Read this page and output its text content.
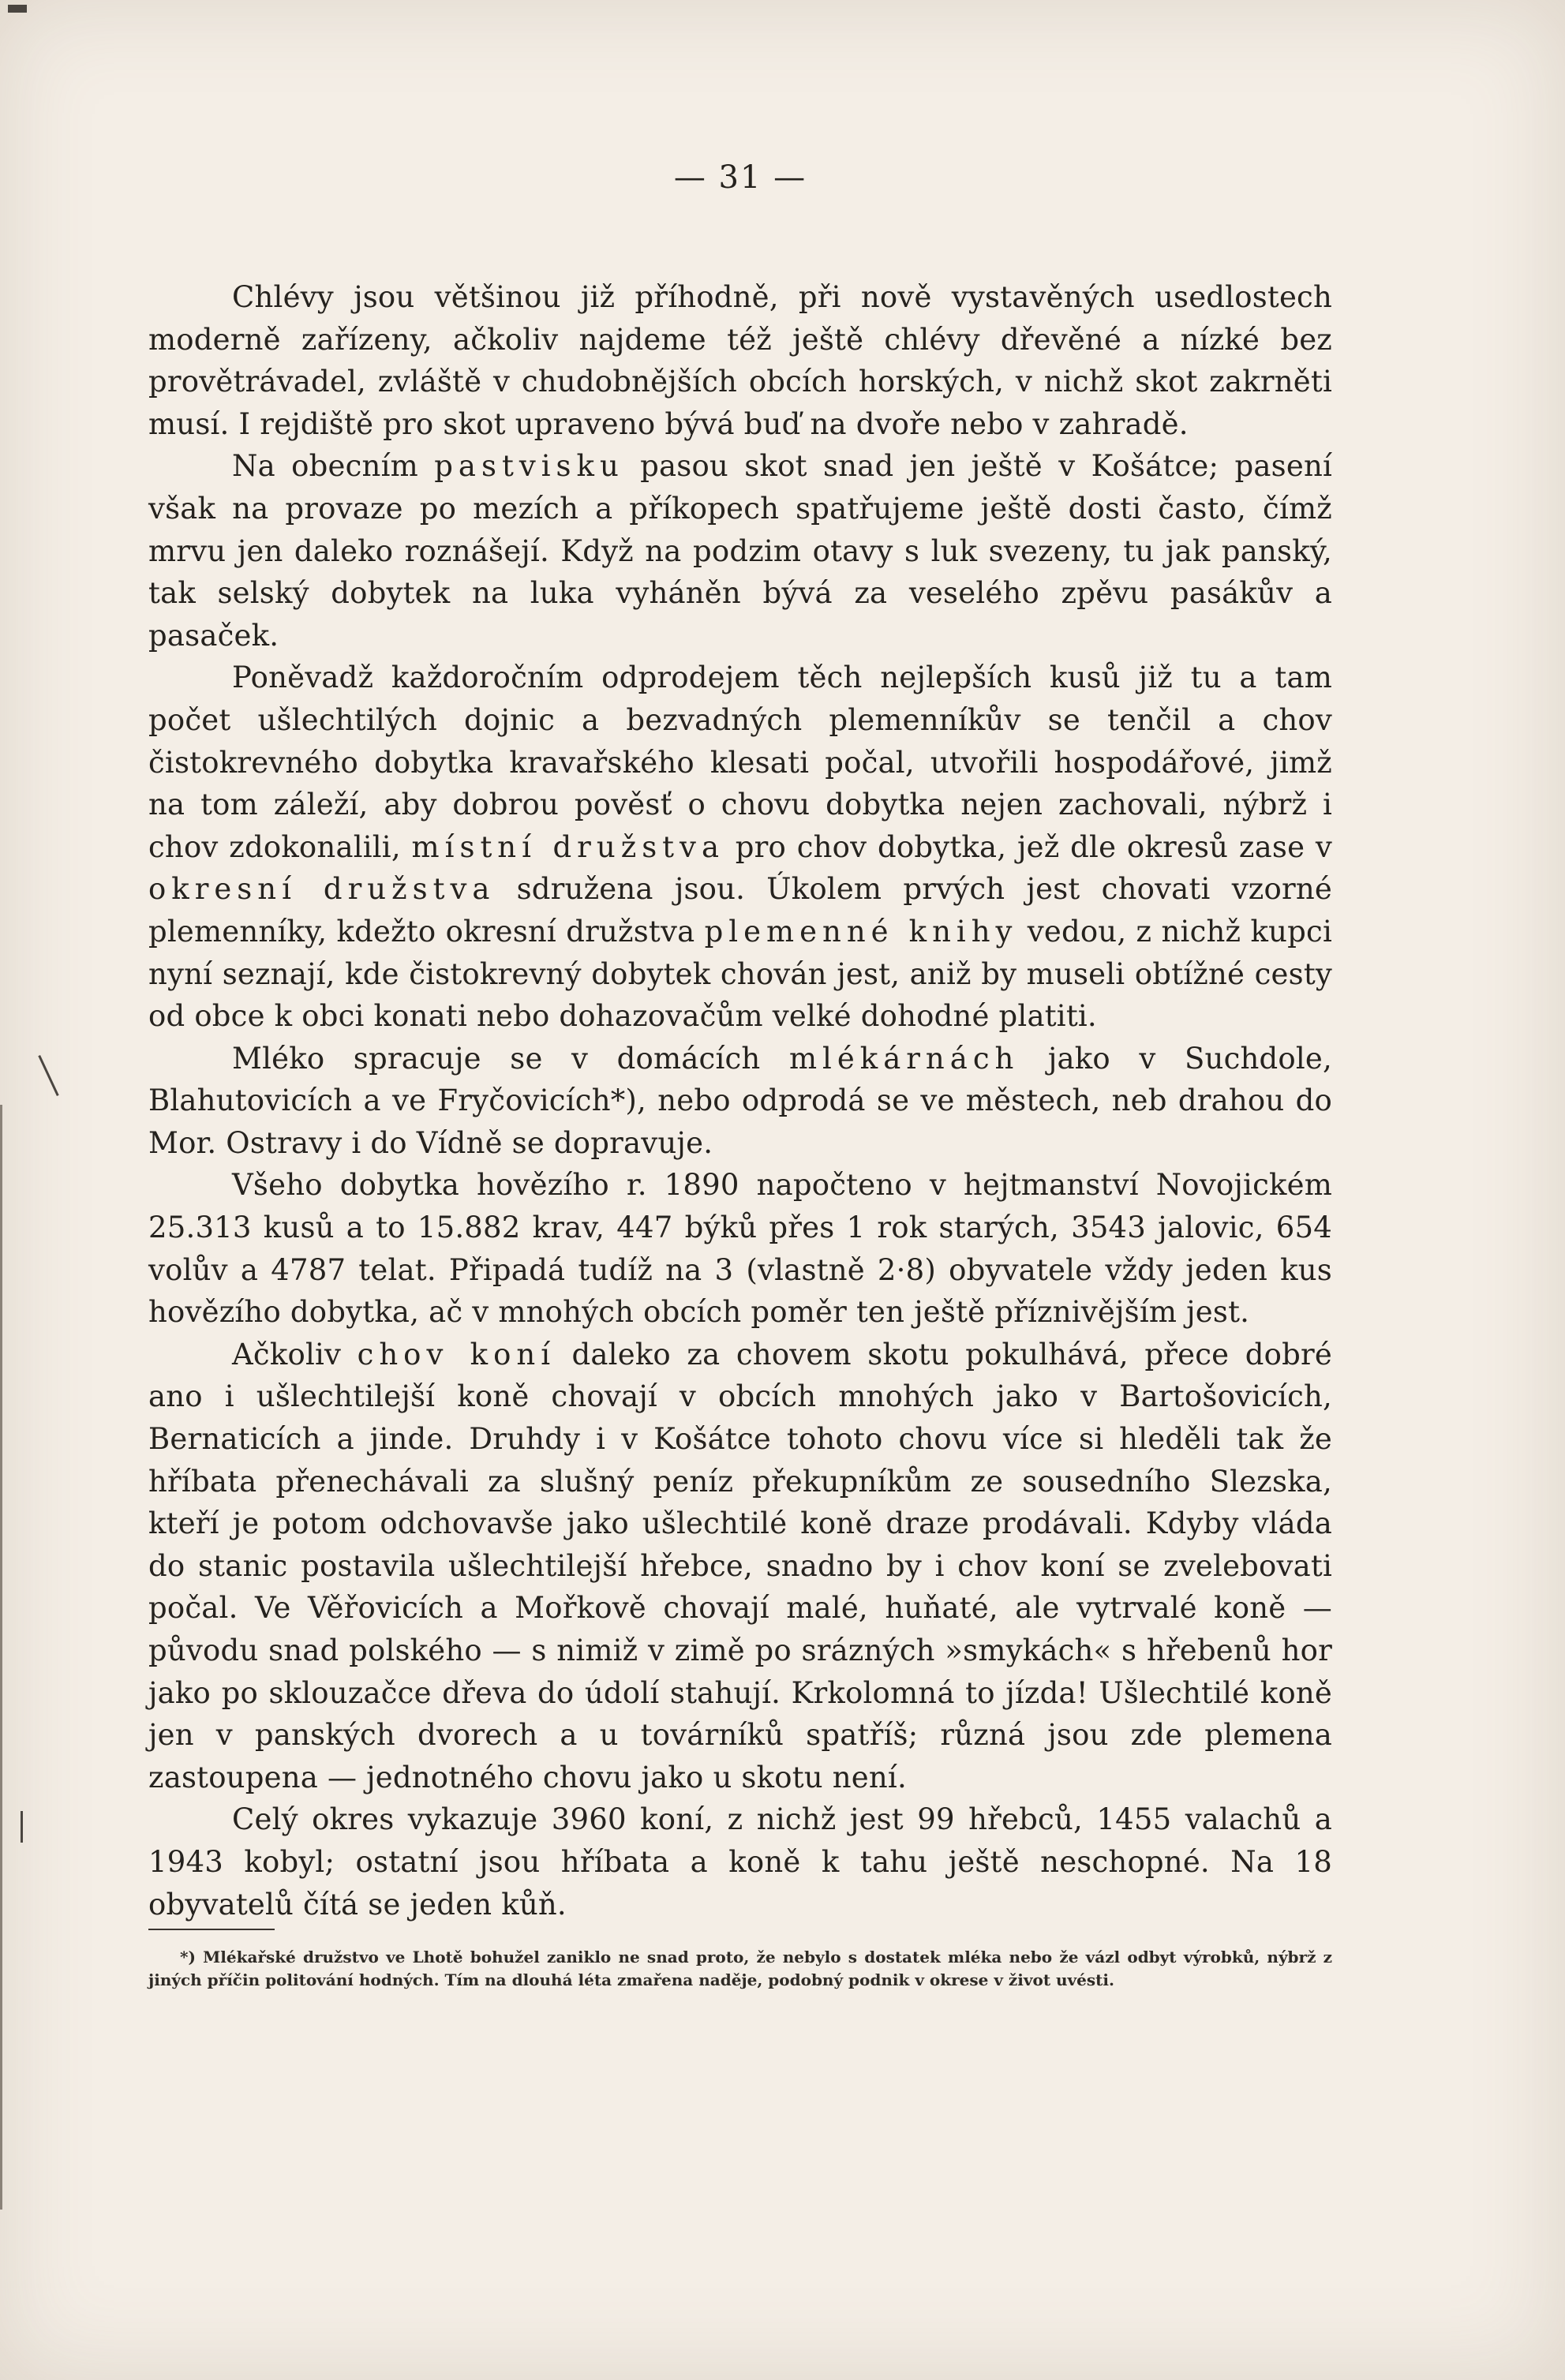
— 31 —

Chlévy jsou většinou již příhodně, při nově vystavěných usedlostech moderně zařízeny, ačkoliv najdeme též ještě chlévy dřevěné a nízké bez provětrávadel, zvláště v chudobnějších obcích horských, v nichž skot zakrněti musí. I rejdiště pro skot upraveno bývá buď na dvoře nebo v zahradě.

Na obecním pastvisku pasou skot snad jen ještě v Košátce; pasení však na provaze po mezích a příkopech spatřujeme ještě dosti často, čímž mrvu jen daleko roznášejí. Když na podzim otavy s luk svezeny, tu jak panský, tak selský dobytek na luka vyháněn bývá za veselého zpěvu pasákův a pasaček.

Poněvadž každoročním odprodejem těch nejlepších kusů již tu a tam počet ušlechtilých dojnic a bezvadných plemenníkův se tenčil a chov čistokrevného dobytka kravařského klesati počal, utvořili hospodářové, jimž na tom záleží, aby dobrou pověsť o chovu dobytka nejen zachovali, nýbrž i chov zdokonalili, místní družstva pro chov dobytka, jež dle okresů zase v okresní družstva sdružena jsou. Úkolem prvých jest chovati vzorné plemenníky, kdežto okresní družstva plemenné knihy vedou, z nichž kupci nyní seznají, kde čistokrevný dobytek chován jest, aniž by museli obtížné cesty od obce k obci konati nebo dohazovačům velké dohodné platiti.

Mléko spracuje se v domácích mlékárnách jako v Suchdole, Blahutovicích a ve Fryčovicích*), nebo odprodá se ve městech, neb drahou do Mor. Ostravy i do Vídně se dopravuje.

Všeho dobytka hovězího r. 1890 napočteno v hejtmanství Novojickém 25.313 kusů a to 15.882 krav, 447 býků přes 1 rok starých, 3543 jalovic, 654 volův a 4787 telat. Připadá tudíž na 3 (vlastně 2·8) obyvatele vždy jeden kus hovězího dobytka, ač v mnohých obcích poměr ten ještě příznivějším jest.

Ačkoliv chov koní daleko za chovem skotu pokulhává, přece dobré ano i ušlechtilejší koně chovají v obcích mnohých jako v Bartošovicích, Bernaticích a jinde. Druhdy i v Košátce tohoto chovu více si hleděli tak že hříbata přenechávali za slušný peníz překupníkům ze sousedního Slezska, kteří je potom odchovavše jako ušlechtilé koně draze prodávali. Kdyby vláda do stanic postavila ušlechtilejší hřebce, snadno by i chov koní se zvelebovati počal. Ve Věřovicích a Mořkově chovají malé, huňaté, ale vytrvalé koně — původu snad polského — s nimiž v zimě po srázných »smykách« s hřebenů hor jako po sklouzačce dřeva do údolí stahují. Krkolomná to jízda! Ušlechtilé koně jen v panských dvorech a u továrníků spatříš; různá jsou zde plemena zastoupena — jednotného chovu jako u skotu není.

Celý okres vykazuje 3960 koní, z nichž jest 99 hřebců, 1455 valachů a 1943 kobyl; ostatní jsou hříbata a koně k tahu ještě neschopné. Na 18 obyvatelů čítá se jeden kůň.

*) Mlékařské družstvo ve Lhotě bohužel zaniklo ne snad proto, že nebylo s dostatek mléka nebo že vázl odbyt výrobků, nýbrž z jiných příčin politování hodných. Tím na dlouhá léta zmařena naděje, podobný podnik v okrese v život uvésti.
